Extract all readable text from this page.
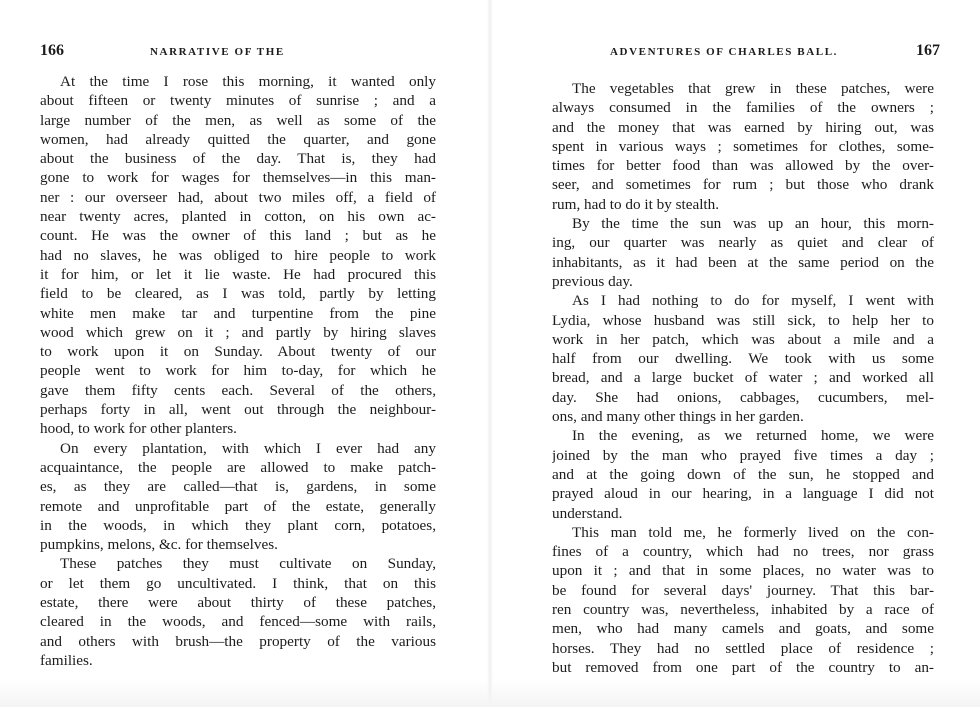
166	NARRATIVE OF THE
At the time I rose this morning, it wanted only
about fifteen or twenty minutes of sunrise ; and a
large number of the men, as well as some of the
women, had already quitted the quarter, and gone
about the business of the day. That is, they had
gone to work for wages for themselves—in this man-
ner : our overseer had, about two miles off, a field of
near twenty acres, planted in cotton, on his own ac-
count. He was the owner of this land ; but as he
had no slaves, he was obliged to hire people to work
it for him, or let it lie waste. He had procured this
field to be cleared, as I was told, partly by letting
white men make tar and turpentine from the pine
wood which grew on it ; and partly by hiring slaves
to work upon it on Sunday. About twenty of our
people went to work for him to-day, for which he
gave them fifty cents each. Several of the others,
perhaps forty in all, went out through the neighbour-
hood, to work for other planters.
On every plantation, with which I ever had any
acquaintance, the people are allowed to make patch-
es, as they are called—that is, gardens, in some
remote and unprofitable part of the estate, generally
in the woods, in which they plant corn, potatoes,
pumpkins, melons, &c. for themselves.
These patches they must cultivate on Sunday,
or let them go uncultivated. I think, that on this
estate, there were about thirty of these patches,
cleared in the woods, and fenced—some with rails,
and others with brush—the property of the various
families.
ADVENTURES OF CHARLES BALL.	167
The vegetables that grew in these patches, were
always consumed in the families of the owners ;
and the money that was earned by hiring out, was
spent in various ways ; sometimes for clothes, some-
times for better food than was allowed by the over-
seer, and sometimes for rum ; but those who drank
rum, had to do it by stealth.
By the time the sun was up an hour, this morn-
ing, our quarter was nearly as quiet and clear of
inhabitants, as it had been at the same period on the
previous day.
As I had nothing to do for myself, I went with
Lydia, whose husband was still sick, to help her to
work in her patch, which was about a mile and a
half from our dwelling. We took with us some
bread, and a large bucket of water ; and worked all
day. She had onions, cabbages, cucumbers, mel-
ons, and many other things in her garden.
In the evening, as we returned home, we were
joined by the man who prayed five times a day ;
and at the going down of the sun, he stopped and
prayed aloud in our hearing, in a language I did not
understand.
This man told me, he formerly lived on the con-
fines of a country, which had no trees, nor grass
upon it ; and that in some places, no water was to
be found for several days' journey. That this bar-
ren country was, nevertheless, inhabited by a race of
men, who had many camels and goats, and some
horses. They had no settled place of residence ;
but removed from one part of the country to an-
